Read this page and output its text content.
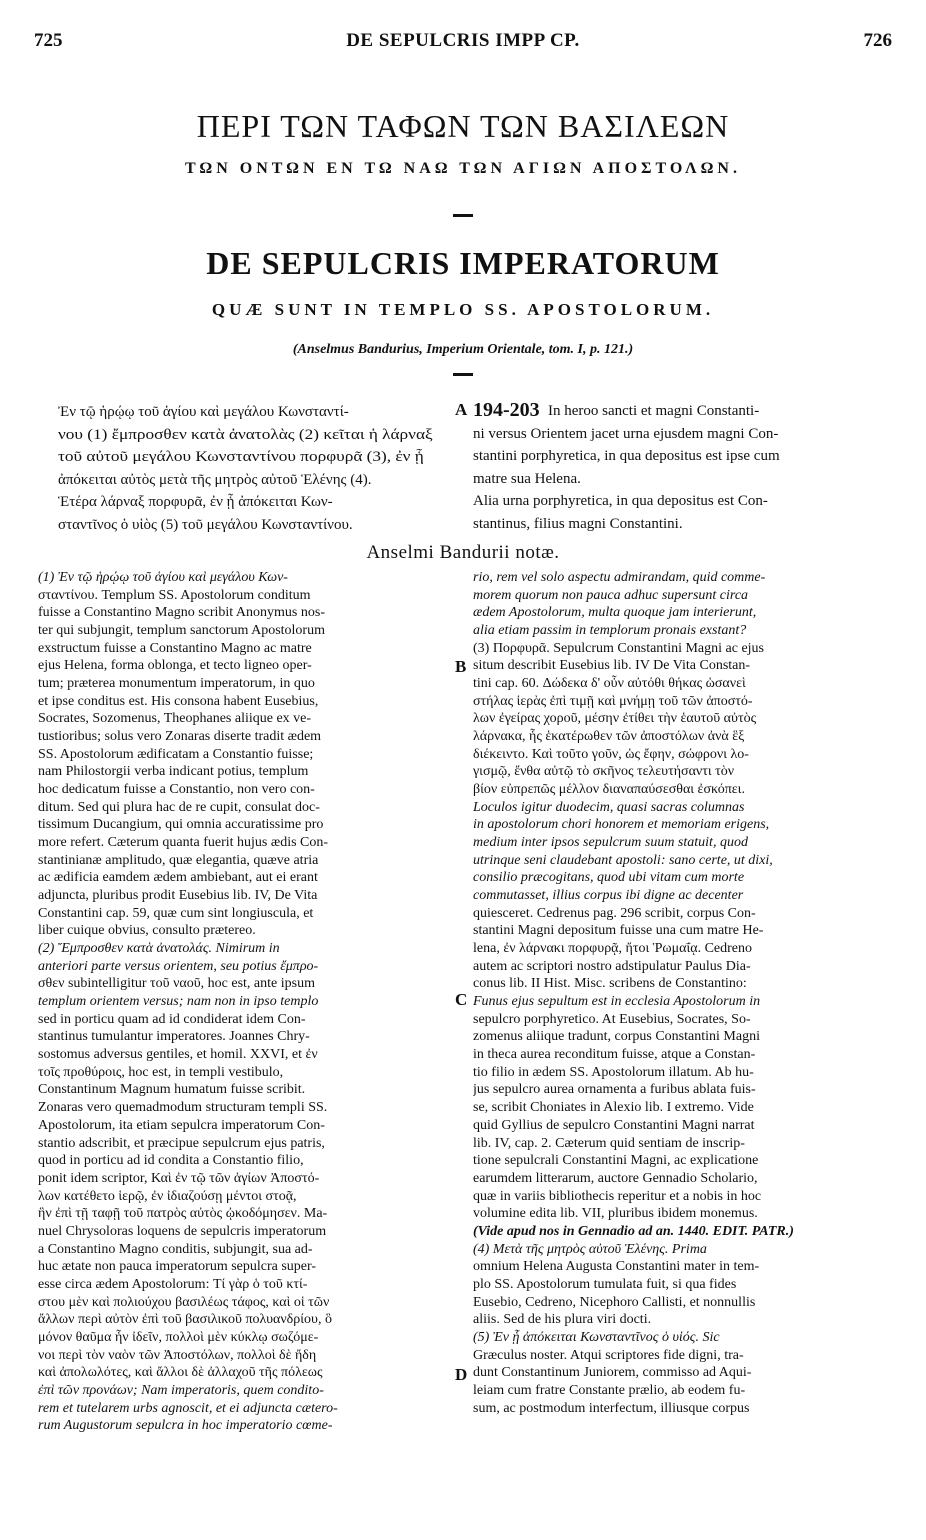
725	DE SEPULCRIS IMPP CP.	726
ΠΕΡΙ ΤΩΝ ΤΑΦΩΝ ΤΩΝ ΒΑΣΙΛΕΩΝ
ΤΩΝ ΟΝΤΩΝ ΕΝ ΤΩ ΝΑΩ ΤΩΝ ΑΓΙΩΝ ΑΠΟΣΤΟΛΩΝ.
DE SEPULCRIS IMPERATORUM
QUÆ SUNT IN TEMPLO SS. APOSTOLORUM.
(Anselmus Bandurius, Imperium Orientale, tom. I, p. 121.)
Ἐν τῷ ἡρῴῳ τοῦ ἁγίου καὶ μεγάλου Κωνσταντί-
νου (1) ἔμπροσθεν κατὰ ἀνατολὰς (2) κεῖται ἡ λάρναξ
τοῦ αὐτοῦ μεγάλου Κωνσταντίνου πορφυρᾶ (3), ἐν ᾗ
ἀπόκειται αὐτὸς μετὰ τῆς μητρὸς αὐτοῦ Ἑλένης (4).
Ἑτέρα λάρναξ πορφυρᾶ, ἐν ᾗ ἀπόκειται Κων-
σταντῖνος ὁ υἱὸς (5) τοῦ μεγάλου Κωνσταντίνου.
194-203 In heroo sancti et magni Constanti-
ni versus Orientem jacet urna ejusdem magni Con-
stantini porphyretica, in qua depositus est ipse cum
matre sua Helena.
Alia urna porphyretica, in qua depositus est Con-
stantinus, filius magni Constantini.
Anselmi Bandurii notæ.
(1) Ἐν τῷ ἡρῴῳ τοῦ ἁγίου καὶ μεγάλου Κων-
σταντίνου. Templum SS. Apostolorum conditum
fuisse a Constantino Magno scribit Anonymus nos-
ter qui subjungit, templum sanctorum Apostolorum
exstructum fuisse a Constantino Magno ac matre
ejus Helena, forma oblonga, et tecto ligneo oper-
tum; præterea monumentum imperatorum, in quo
et ipse conditus est. His consona habent Eusebius,
Socrates, Sozomenus, Theophanes aliique ex ve-
tustioribus; solus vero Zonaras diserte tradit ædem
SS. Apostolorum ædificatam a Constantio fuisse;
nam Philostorgii verba indicant potius, templum
hoc dedicatum fuisse a Constantio, non vero con-
ditum. Sed qui plura hac de re cupit, consulat doc-
tissimum Ducangium, qui omnia accuratissime pro
more refert. Cæterum quanta fuerit hujus ædis Con-
stantinianæ amplitudo, quæ elegantia, quæve atria
ac ædificia eamdem ædem ambiebant, aut ei erant
adjuncta, pluribus prodit Eusebius lib. IV, De Vita
Constantini cap. 59, quæ cum sint longiuscula, et
liber cuique obvius, consulto prætereo.
(2) Ἔμπροσθεν κατὰ ἀνατολάς. Nimirum in
anteriori parte versus orientem, seu potius ἔμπρο-
σθεν subintelligitur τοῦ ναοῦ, hoc est, ante ipsum
templum orientem versus; nam non in ipso templo
sed in porticu quam ad id condiderat idem Con-
stantinus tumulantur imperatores. Joannes Chry-
sostomus adversus gentiles, et homil. XXVI, et ἐν
τοῖς προθύροις, hoc est, in templi vestibulo,
Constantinum Magnum humatum fuisse scribit.
Zonaras vero quemadmodum structuram templi SS.
Apostolorum, ita etiam sepulcra imperatorum Con-
stantio adscribit, et præcipue sepulcrum ejus patris,
quod in porticu ad id condita a Constantio filio,
ponit idem scriptor, Καὶ ἐν τῷ τῶν ἁγίων Ἀποστό-
λων κατέθετο ἱερῷ, ἐν ἰδιαζούσῃ μέντοι στοᾷ,
ἣν ἐπὶ τῇ ταφῇ τοῦ πατρὸς αὐτὸς ᾠκοδόμησεν. Ma-
nuel Chrysoloras loquens de sepulcris imperatorum
a Constantino Magno conditis, subjungit, sua ad-
huc ætate non pauca imperatorum sepulcra super-
esse circa ædem Apostolorum: Τί γὰρ ὁ τοῦ κτί-
στου μὲν καὶ πολιούχου βασιλέως τάφος, καὶ οἱ τῶν
ἄλλων περὶ αὐτὸν ἐπὶ τοῦ βασιλικοῦ πολυανδρίου, ὃ
μόνον θαῦμα ἦν ἰδεῖν, πολλοὶ μὲν κύκλῳ σωζόμε-
νοι περὶ τὸν ναὸν τῶν Ἀποστόλων, πολλοὶ δὲ ἤδη
καὶ ἀπολωλότες, καὶ ἄλλοι δὲ ἀλλαχοῦ τῆς πόλεως
ἐπὶ τῶν προνάων; Nam imperatoris, quem condito-
rem et tutelarem urbs agnoscit, et ei adjuncta cætero-
rum Augustorum sepulcra in hoc imperatorio cœme-
rio, rem vel solo aspectu admirandam, quid comme-
morem quorum non pauca adhuc supersunt circa
ædem Apostolorum, multa quoque jam interierunt,
alia etiam passim in templorum pronais exstant?
(3) Πορφυρᾶ. Sepulcrum Constantini Magni ac ejus
situm describit Eusebius lib. IV De Vita Constan-
tini cap. 60. Δώδεκα δ' οὖν αὐτόθι θήκας ὡσανεὶ
στήλας ἱερὰς ἐπὶ τιμῇ καὶ μνήμῃ τοῦ τῶν ἀποστό-
λων ἐγείρας χοροῦ, μέσην ἐτίθει τὴν ἑαυτοῦ αὐτὸς
λάρνακα, ἧς ἑκατέρωθεν τῶν ἀποστόλων ἀνὰ ἓξ
διέκειντο. Καὶ τοῦτο γοῦν, ὡς ἔφην, σώφρονι λο-
γισμῷ, ἔνθα αὐτῷ τὸ σκῆνος τελευτήσαντι τὸν
βίον εὐπρεπῶς μέλλον διαναπαύσεσθαι ἐσκόπει.
Loculos igitur duodecim, quasi sacras columnas
in apostolorum chori honorem et memoriam erigens,
medium inter ipsos sepulcrum suum statuit, quod
utrinque seni claudebant apostoli: sano certe, ut dixi,
consilio præcogitans, quod ubi vitam cum morte
commutasset, illius corpus ibi digne ac decenter
quiesceret. Cedrenus pag. 296 scribit, corpus Con-
stantini Magni depositum fuisse una cum matre He-
lena, ἐν λάρνακι πορφυρᾷ, ἤτοι Ῥωμαΐᾳ. Cedreno
autem ac scriptori nostro adstipulatur Paulus Dia-
conus lib. II Hist. Misc. scribens de Constantino:
Funus ejus sepultum est in ecclesia Apostolorum in
sepulcro porphyretico. At Eusebius, Socrates, So-
zomenus aliique tradunt, corpus Constantini Magni
in theca aurea reconditum fuisse, atque a Constan-
tio filio in ædem SS. Apostolorum illatum. Ab hu-
jus sepulcro aurea ornamenta a furibus ablata fuis-
se, scribit Choniates in Alexio lib. I extremo. Vide
quid Gyllius de sepulcro Constantini Magni narrat
lib. IV, cap. 2. Cæterum quid sentiam de inscrip-
tione sepulcrali Constantini Magni, ac explicatione
earumdem litterarum, auctore Gennadio Scholario,
quæ in variis bibliothecis reperitur et a nobis in hoc
volumine edita lib. VII, pluribus ibidem monemus.
(Vide apud nos in Gennadio ad an. 1440. EDIT. PATR.)
(4) Μετὰ τῆς μητρὸς αὐτοῦ Ἑλένης. Prima
omnium Helena Augusta Constantini mater in tem-
plo SS. Apostolorum tumulata fuit, si qua fides
Eusebio, Cedreno, Nicephoro Callisti, et nonnullis
aliis. Sed de his plura viri docti.
(5) Ἐν ᾗ ἀπόκειται Κωνσταντῖνος ὁ υἱός. Sic
Græculus noster. Atqui scriptores fide digni, tra-
dunt Constantinum Juniorem, commisso ad Aqui-
leiam cum fratre Constante prælio, ab eodem fu-
sum, ac postmodum interfectum, illiusque corpus
A
B
C
D
